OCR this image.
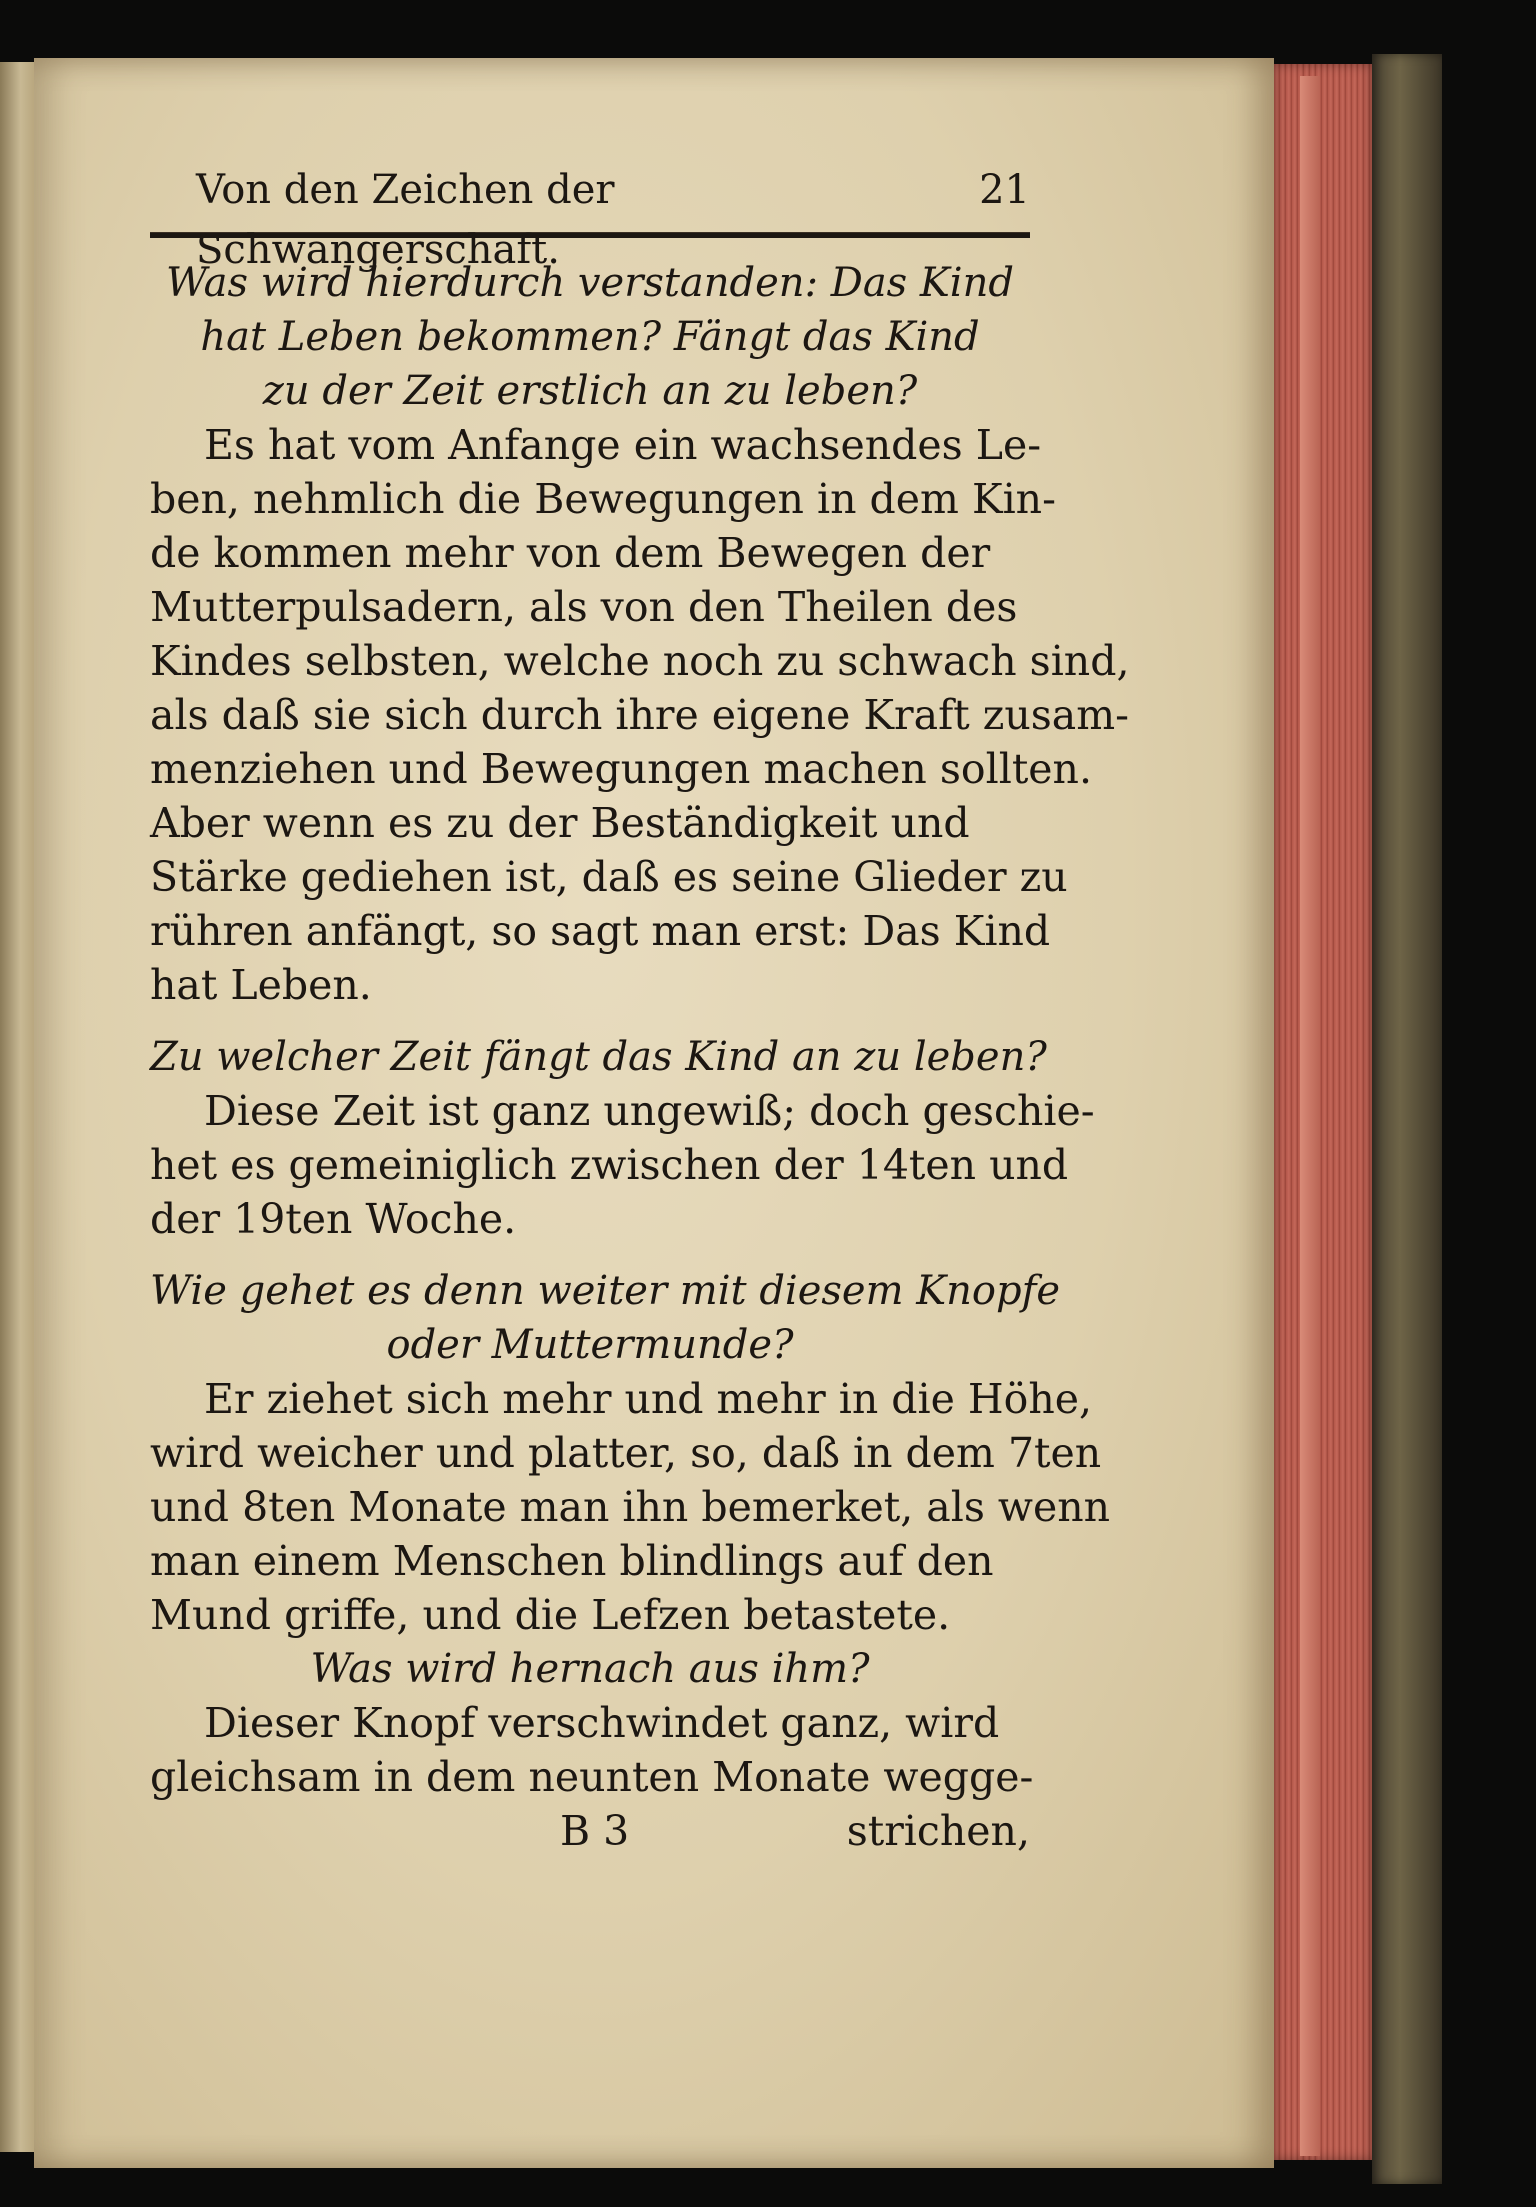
Von den Zeichen der Schwangerschaft.
21
Was wird hierdurch verstanden: Das Kind
hat Leben bekommen? Fängt das Kind
zu der Zeit erstlich an zu leben?
Es hat vom Anfange ein wachsendes Le-
ben, nehmlich die Bewegungen in dem Kin-
de kommen mehr von dem Bewegen der
Mutterpulsadern, als von den Theilen des
Kindes selbsten, welche noch zu schwach sind,
als daß sie sich durch ihre eigene Kraft zusam-
menziehen und Bewegungen machen sollten.
Aber wenn es zu der Beständigkeit und
Stärke gediehen ist, daß es seine Glieder zu
rühren anfängt, so sagt man erst: Das Kind
hat Leben.
Zu welcher Zeit fängt das Kind an zu leben?
Diese Zeit ist ganz ungewiß; doch geschie-
het es gemeiniglich zwischen der 14ten und
der 19ten Woche.
Wie gehet es denn weiter mit diesem Knopfe
oder Muttermunde?
Er ziehet sich mehr und mehr in die Höhe,
wird weicher und platter, so, daß in dem 7ten
und 8ten Monate man ihn bemerket, als wenn
man einem Menschen blindlings auf den
Mund griffe, und die Lefzen betastete.
Was wird hernach aus ihm?
Dieser Knopf verschwindet ganz, wird
gleichsam in dem neunten Monate wegge-
B 3	strichen,
